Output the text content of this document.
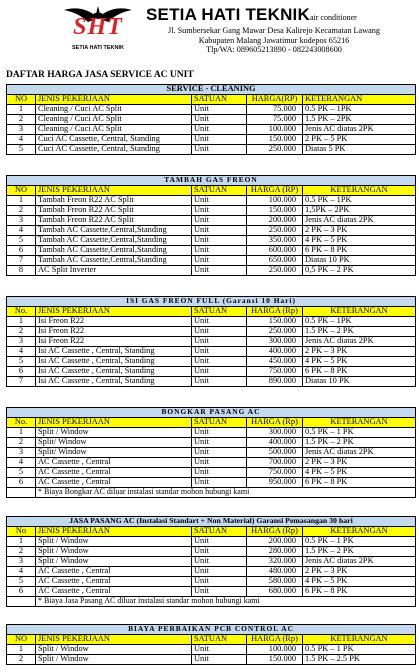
SHT
SETIA HATI TEKNIK
SETIA HATI TEKNIKair conditioner
Jl. Sumbersekar Gang Mawar Desa Kalirejo Kecamatan Lawang
Kabupaten Malang Jawatimur kodepos 65216
Tlp/WA: 089605213890 - 082243008600
DAFTAR HARGA JASA SERVICE AC UNIT
SERVICE - CLEANING				
NO	JENIS PEKERJAAN	SATUAN	HARGA(RP)	KETERANGAN
1	Cleaning / Cuci AC Split	Unit	75.000	0.5 PK – 1PK
2	Cleaning / Cuci AC Split	Unit	75.000	1.5 PK – 2PK
3	Cleaning / Cuci AC Split	Unit	100.000	Jenis AC diatas 2PK
4	Cuci AC Cassette, Central, Standing	Unit	150.000	2 PK – 5 PK
5	Cuci AC Cassette, Central, Standing	Unit	250.000	Diatas 5 PK
TAMBAH GAS FREON				
NO	JENIS PEKERJAAN	SATUAN	HARGA (RP)	KETERANGAN
1	Tambah Freon R22 AC Split	Unit	100.000	0.5 PK – 1PK
2	Tambah Freon R22 AC Split	Unit	150.000	1,5PK – 2PK
3	Tambah Freon R22 AC Split	Unit	200.000	Jenis AC diatas 2PK
4	Tambah AC Cassette,Central,Standing	Unit	250.000	2 PK – 3 PK
5	Tambah AC Cassette,Central,Standing	Unit	350.000	4 PK – 5 PK
6	Tambah AC Cassette,Central,Standing	Unit	600.000	6 PK – 8 PK
7	Tambah AC Cassette,Central,Standing	Unit	650.000	Diatas 10 PK
8	AC Split Inverter	Unit	250.000	0,5 PK – 2 PK
ISI GAS FREON FULL (Garansi 10 Hari)				
No.	JENIS PEKERJAAN	SATUAN	HARGA (Rp)	KETERANGAN
1	Isi Freon R22	Unit	150.000	0.5 PK – 1PK
2	Isi Freon R22	Unit	250.000	1.5 PK – 2 PK
3	Isi Freon R22	Unit	300.000	Jenis AC diatas 2PK
4	Isi AC Cassette , Central, Standing	Unit	400.000	2 PK – 3 PK
5	Isi AC Cassette , Central, Standing	Unit	450.000	4 PK – 5 PK
6	Isi AC Cassette , Central, Standing	Unit	750.000	6 PK – 8 PK
7	Isi AC Cassette , Central, Standing	Unit	890.000	Diatas 10 PK
BONGKAR PASANG AC				
No.	JENIS PEKERJAAN	SATUAN	HARGA (Rp)	KETERANGAN
1	Split / Window	Unit	300.000	0.5 PK – 1 PK
2	Split/ Window	Unit	400.000	1.5 PK – 2 PK
3	Split/ Window	Unit	500.000	Jenis AC diatas 2PK
4	AC Cassette , Central	Unit	700.000	2 PK – 3 PK
5	AC Cassette , Central	Unit	750.000	4 PK – 5 PK
6	AC Cassette , Central	Unit	950.000	6 PK – 8 PK
	* Biaya Bongkar AC diluar instalasi standar mohon hubungi kami			
JASA PASANG AC (Instalasi Standart + Non Material) Garansi Pemasangan 30 hari				
No	JENIS PEKERJAAN	SATUAN	HARGA (Rp)	KETERANGAN
1	Split / Window	Unit	200.000	0.5 PK – 1 PK
2	Split / Window	Unit	280.000	1.5 PK – 2 PK
3	Split / Window	Unit	320.000	Jenis AC diatas 2PK
4	AC Cassette , Central	Unit	480.000	2 PK – 3 PK
5	AC Cassette , Central	Unit	580.000	4 PK – 5 PK
6	AC Cassette , Central	Unit	680.000	6 PK – 8 PK
	* Biaya Jasa Pasang AC diluar instalasi standar mohon hubungi kami			
BIAYA PERBAIKAN PCB CONTROL AC				
NO	JENIS PEKERJAAN	SATUAN	HARGA (Rp)	KETERANGAN
1	Split / Window	Unit	100.000	0.5 PK – 1 PK
2	Split / Window	Unit	150.000	1.5 PK – 2.5 PK
